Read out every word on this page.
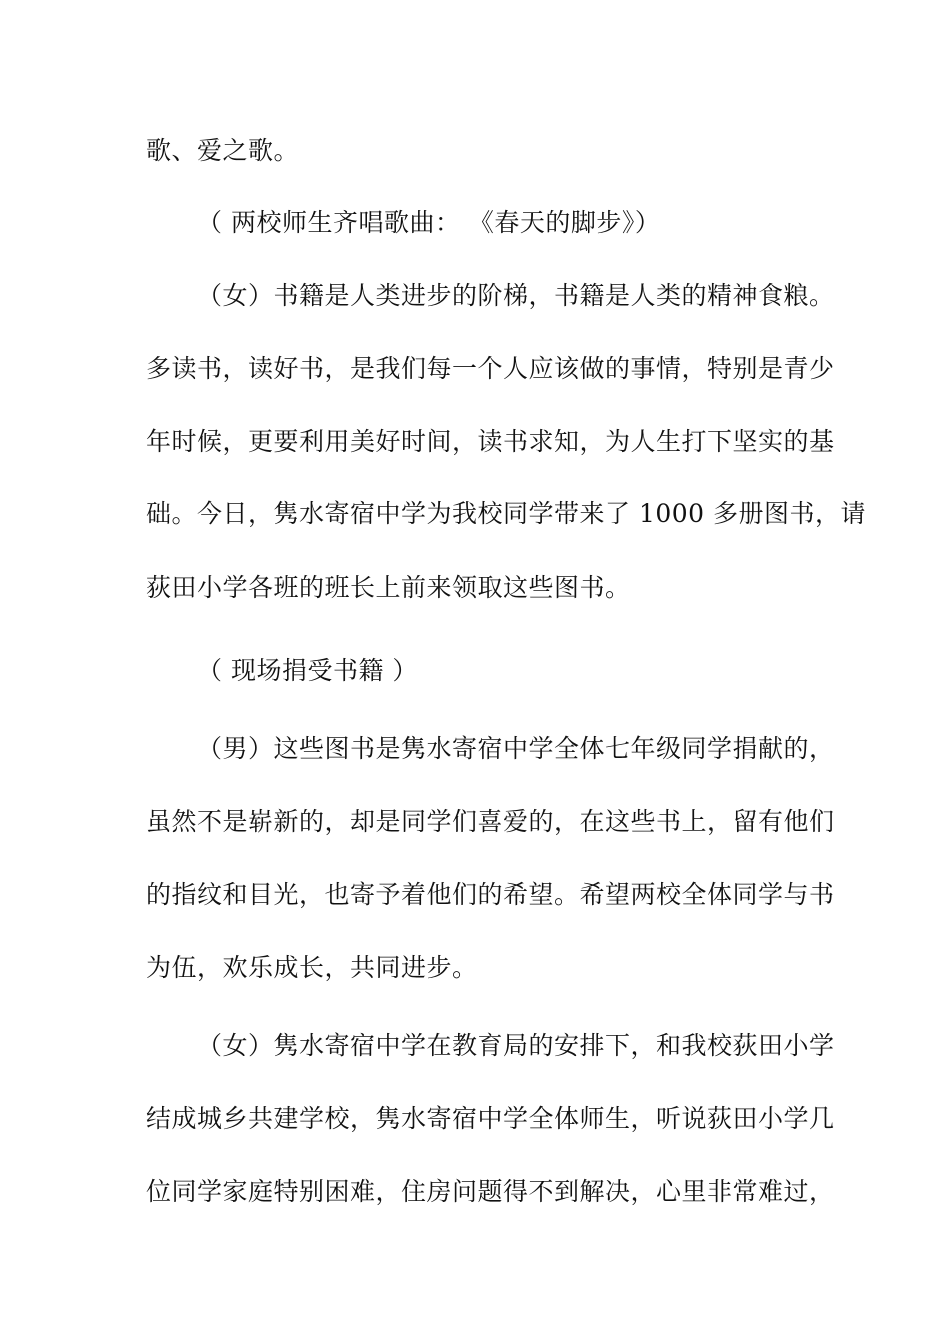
歌、爱之歌。
（ 两校师生齐唱歌曲： 《春天的脚步》）
（女）书籍是人类进步的阶梯，书籍是人类的精神食粮。
多读书，读好书，是我们每一个人应该做的事情，特别是青少
年时候，更要利用美好时间，读书求知，为人生打下坚实的基
础。今日，隽水寄宿中学为我校同学带来了 1000 多册图书，请
荻田小学各班的班长上前来领取这些图书。
（ 现场捐受书籍 ）
（男）这些图书是隽水寄宿中学全体七年级同学捐献的，
虽然不是崭新的，却是同学们喜爱的，在这些书上，留有他们
的指纹和目光，也寄予着他们的希望。希望两校全体同学与书
为伍，欢乐成长，共同进步。
（女）隽水寄宿中学在教育局的安排下，和我校荻田小学
结成城乡共建学校，隽水寄宿中学全体师生，听说荻田小学几
位同学家庭特别困难，住房问题得不到解决，心里非常难过，
